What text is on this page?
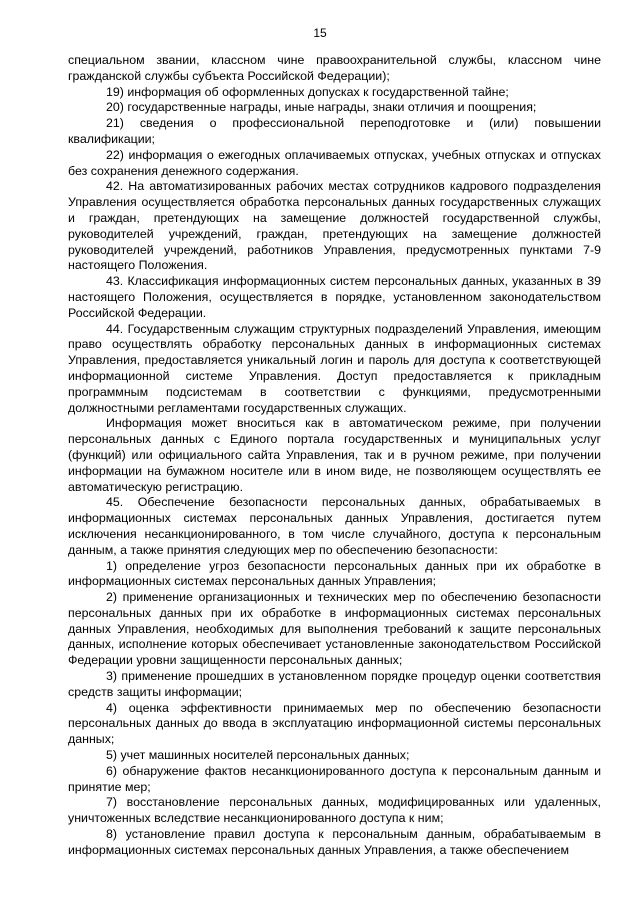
15

специальном звании, классном чине правоохранительной службы, классном чине гражданской службы субъекта Российской Федерации);

19) информация об оформленных допусках к государственной тайне;

20) государственные награды, иные награды, знаки отличия и поощрения;

21) сведения о профессиональной переподготовке и (или) повышении квалификации;

22) информация о ежегодных оплачиваемых отпусках, учебных отпусках и отпусках без сохранения денежного содержания.

42. На автоматизированных рабочих местах сотрудников кадрового подразделения Управления осуществляется обработка персональных данных государственных служащих и граждан, претендующих на замещение должностей государственной службы, руководителей учреждений, граждан, претендующих на замещение должностей руководителей учреждений, работников Управления, предусмотренных пунктами 7-9 настоящего Положения.

43. Классификация информационных систем персональных данных, указанных в 39 настоящего Положения, осуществляется в порядке, установленном законодательством Российской Федерации.

44. Государственным служащим структурных подразделений Управления, имеющим право осуществлять обработку персональных данных в информационных системах Управления, предоставляется уникальный логин и пароль для доступа к соответствующей информационной системе Управления. Доступ предоставляется к прикладным программным подсистемам в соответствии с функциями, предусмотренными должностными регламентами государственных служащих.

Информация может вноситься как в автоматическом режиме, при получении персональных данных с Единого портала государственных и муниципальных услуг (функций) или официального сайта Управления, так и в ручном режиме, при получении информации на бумажном носителе или в ином виде, не позволяющем осуществлять ее автоматическую регистрацию.

45. Обеспечение безопасности персональных данных, обрабатываемых в информационных системах персональных данных Управления, достигается путем исключения несанкционированного, в том числе случайного, доступа к персональным данным, а также принятия следующих мер по обеспечению безопасности:

1) определение угроз безопасности персональных данных при их обработке в информационных системах персональных данных Управления;

2) применение организационных и технических мер по обеспечению безопасности персональных данных при их обработке в информационных системах персональных данных Управления, необходимых для выполнения требований к защите персональных данных, исполнение которых обеспечивает установленные законодательством Российской Федерации уровни защищенности персональных данных;

3) применение прошедших в установленном порядке процедур оценки соответствия средств защиты информации;

4) оценка эффективности принимаемых мер по обеспечению безопасности персональных данных до ввода в эксплуатацию информационной системы персональных данных;

5) учет машинных носителей персональных данных;

6) обнаружение фактов несанкционированного доступа к персональным данным и принятие мер;

7) восстановление персональных данных, модифицированных или удаленных, уничтоженных вследствие несанкционированного доступа к ним;

8) установление правил доступа к персональным данным, обрабатываемым в информационных системах персональных данных Управления, а также обеспечением
